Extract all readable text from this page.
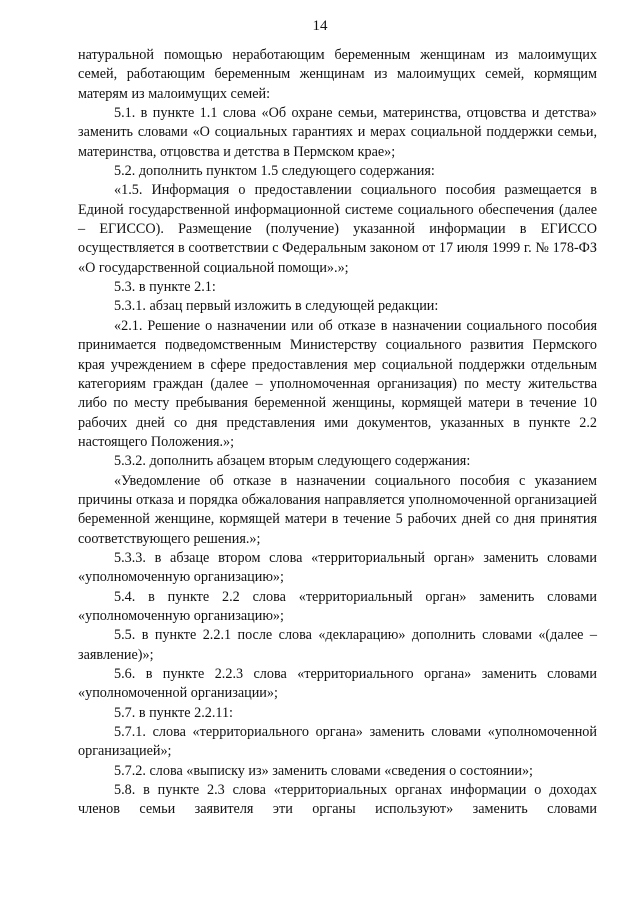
14

натуральной помощью неработающим беременным женщинам из малоимущих семей, работающим беременным женщинам из малоимущих семей, кормящим матерям из малоимущих семей:

5.1. в пункте 1.1 слова «Об охране семьи, материнства, отцовства и детства» заменить словами «О социальных гарантиях и мерах социальной поддержки семьи, материнства, отцовства и детства в Пермском крае»;

5.2. дополнить пунктом 1.5 следующего содержания:

«1.5. Информация о предоставлении социального пособия размещается в Единой государственной информационной системе социального обеспечения (далее – ЕГИССО). Размещение (получение) указанной информации в ЕГИССО осуществляется в соответствии с Федеральным законом от 17 июля 1999 г. № 178-ФЗ «О государственной социальной помощи».»;

5.3. в пункте 2.1:

5.3.1. абзац первый изложить в следующей редакции:

«2.1. Решение о назначении или об отказе в назначении социального пособия принимается подведомственным Министерству социального развития Пермского края учреждением в сфере предоставления мер социальной поддержки отдельным категориям граждан (далее – уполномоченная организация) по месту жительства либо по месту пребывания беременной женщины, кормящей матери в течение 10 рабочих дней со дня представления ими документов, указанных в пункте 2.2 настоящего Положения.»;

5.3.2. дополнить абзацем вторым следующего содержания:

«Уведомление об отказе в назначении социального пособия с указанием причины отказа и порядка обжалования направляется уполномоченной организацией беременной женщине, кормящей матери в течение 5 рабочих дней со дня принятия соответствующего решения.»;

5.3.3. в абзаце втором слова «территориальный орган» заменить словами «уполномоченную организацию»;

5.4. в пункте 2.2 слова «территориальный орган» заменить словами «уполномоченную организацию»;

5.5. в пункте 2.2.1 после слова «декларацию» дополнить словами «(далее – заявление)»;

5.6. в пункте 2.2.3 слова «территориального органа» заменить словами «уполномоченной организации»;

5.7. в пункте 2.2.11:

5.7.1. слова «территориального органа» заменить словами «уполномоченной организацией»;

5.7.2. слова «выписку из» заменить словами «сведения о состоянии»;

5.8. в пункте 2.3 слова «территориальных органах информации о доходах членов семьи заявителя эти органы используют» заменить словами
